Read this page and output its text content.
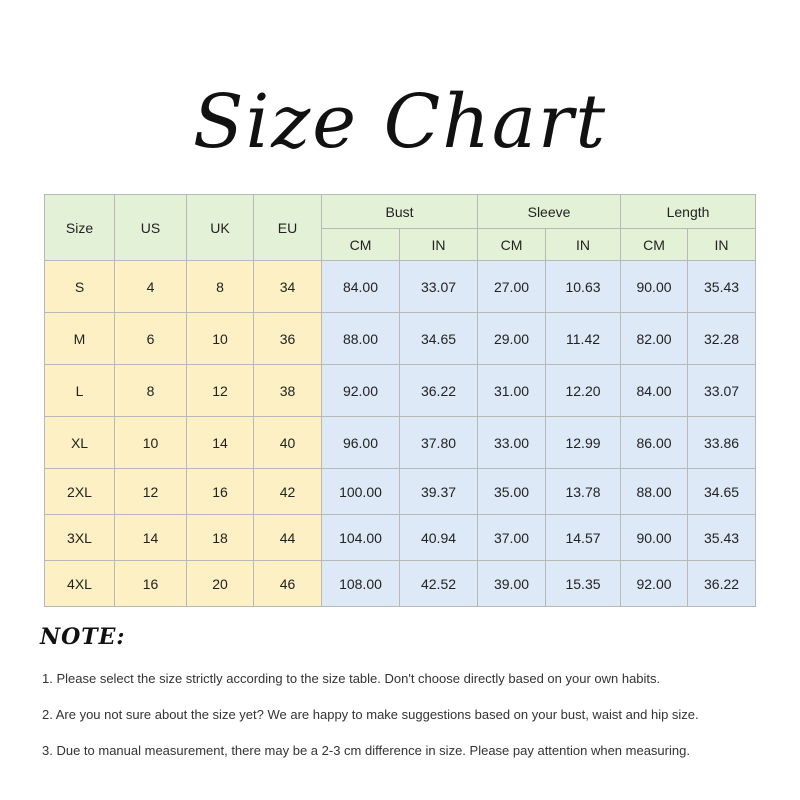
Size Chart
Size	US	UK	EU	Bust		Sleeve		Length	
				CM	IN	CM	IN	CM	IN
S	4	8	34	84.00	33.07	27.00	10.63	90.00	35.43
M	6	10	36	88.00	34.65	29.00	11.42	82.00	32.28
L	8	12	38	92.00	36.22	31.00	12.20	84.00	33.07
XL	10	14	40	96.00	37.80	33.00	12.99	86.00	33.86
2XL	12	16	42	100.00	39.37	35.00	13.78	88.00	34.65
3XL	14	18	44	104.00	40.94	37.00	14.57	90.00	35.43
4XL	16	20	46	108.00	42.52	39.00	15.35	92.00	36.22
NOTE:
1. Please select the size strictly according to the size table. Don't choose directly based on your own habits.
2. Are you not sure about the size yet? We are happy to make suggestions based on your bust, waist and hip size.
3. Due to manual measurement, there may be a 2-3 cm difference in size. Please pay attention when measuring.
